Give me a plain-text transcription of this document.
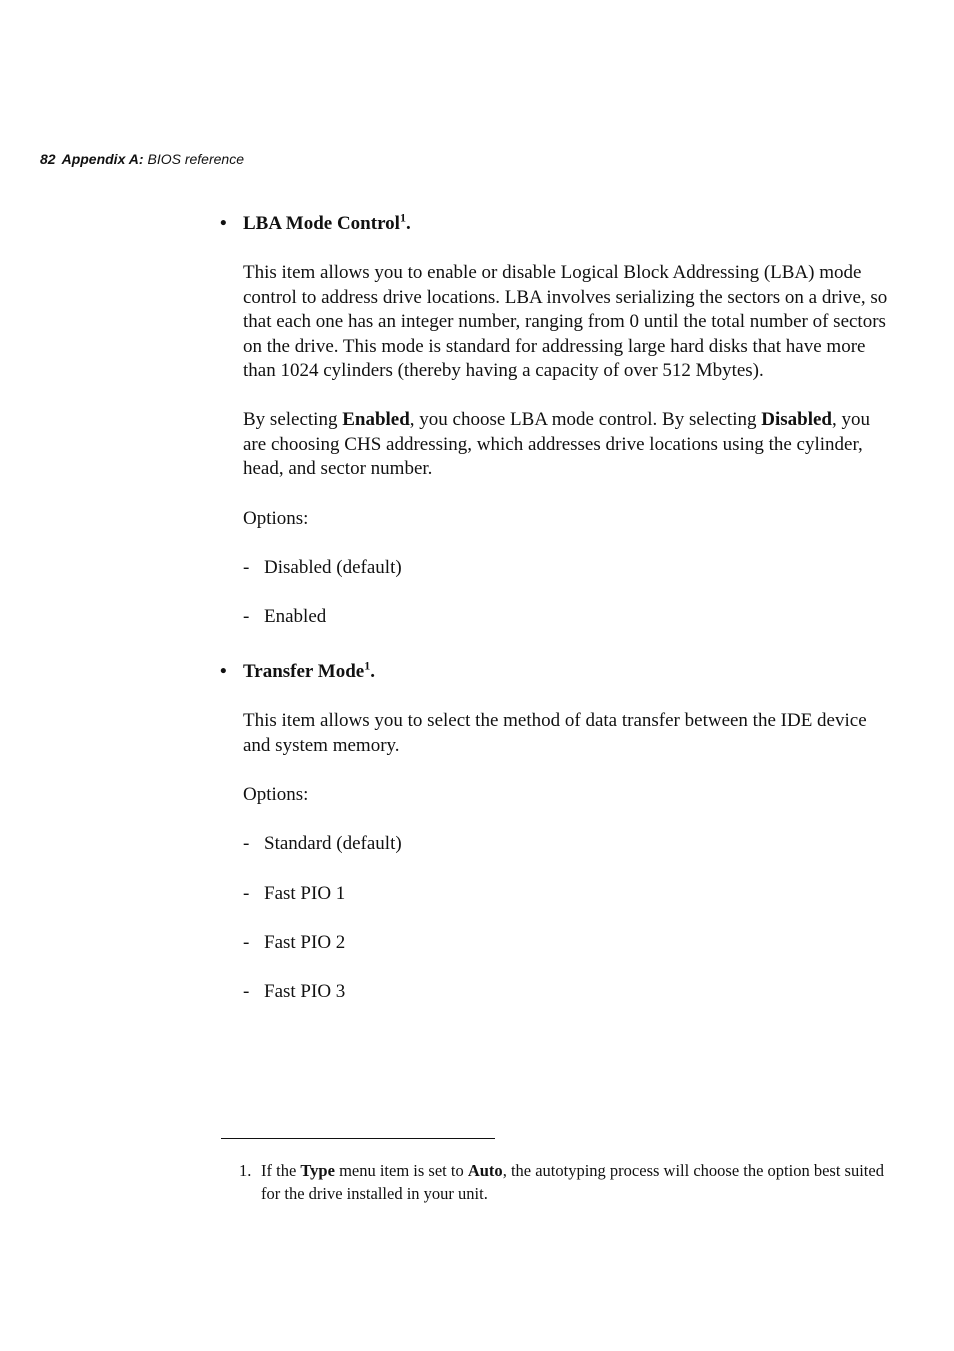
82 Appendix A: BIOS reference
• LBA Mode Control$^1$.

This item allows you to enable or disable Logical Block Addressing (LBA) mode control to address drive locations. LBA involves serializing the sectors on a drive, so that each one has an integer number, ranging from 0 until the total number of sectors on the drive. This mode is standard for addressing large hard disks that have more than 1024 cylinders (thereby having a capacity of over 512 Mbytes).

By selecting Enabled, you choose LBA mode control. By selecting Disabled, you are choosing CHS addressing, which addresses drive locations using the cylinder, head, and sector number.

Options:
- Disabled (default)
- Enabled
• Transfer Mode$^1$.

This item allows you to select the method of data transfer between the IDE device and system memory.

Options:
- Standard (default)
- Fast PIO 1
- Fast PIO 2
- Fast PIO 3
1. If the Type menu item is set to Auto, the autotyping process will choose the option best suited for the drive installed in your unit.
